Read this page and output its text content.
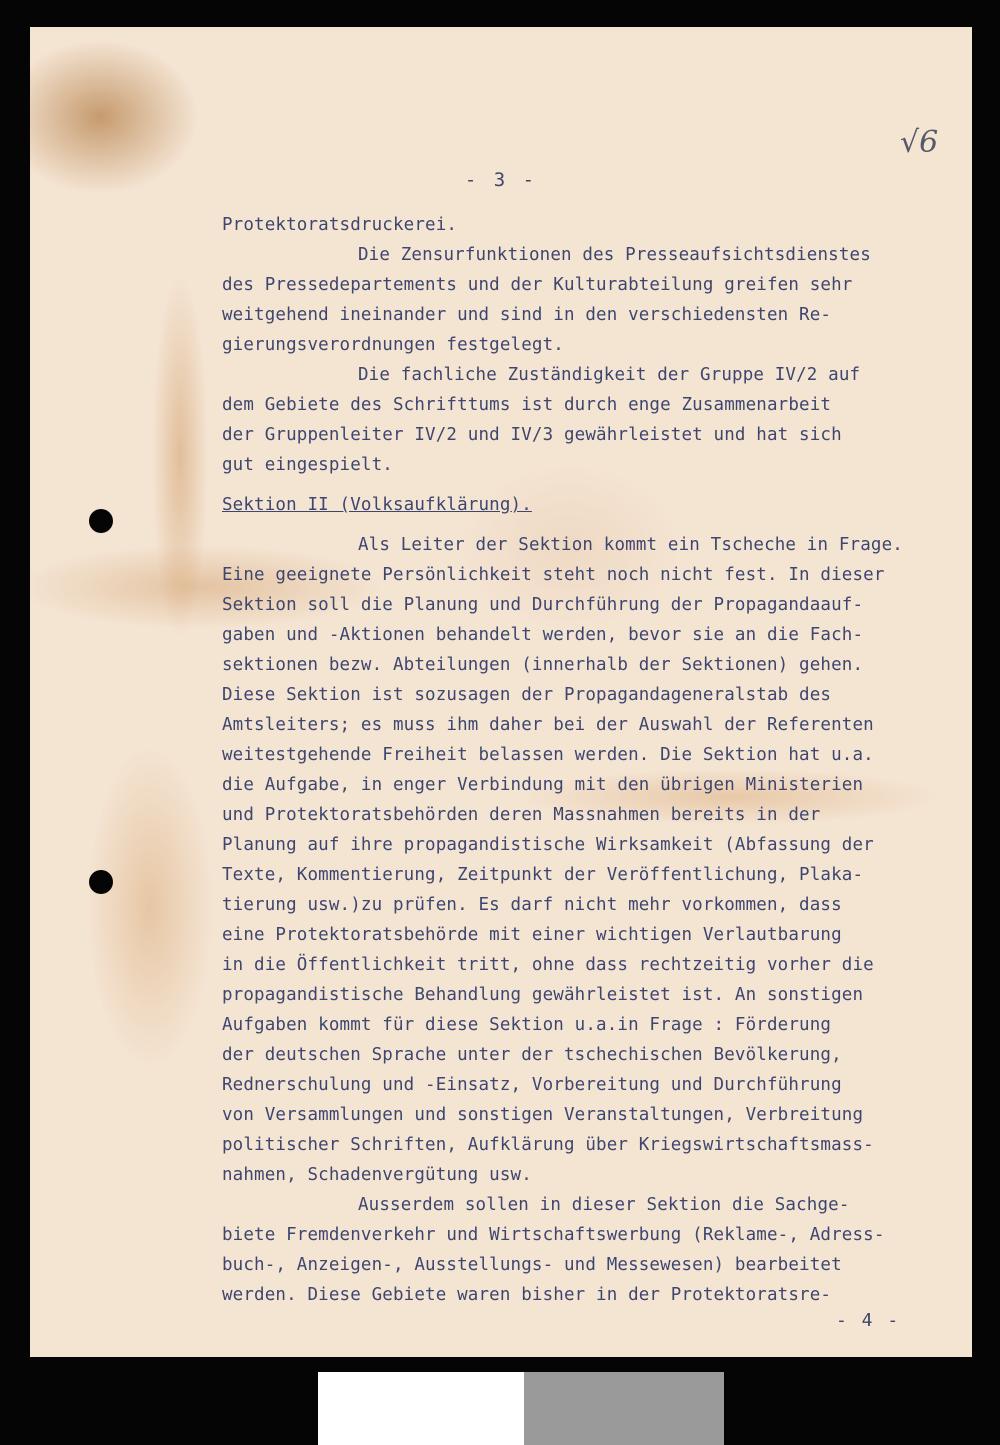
- 3 -
√6
Protektoratsdruckerei.
Die Zensurfunktionen des Presseaufsichtsdienstes
des Pressedepartements und der Kulturabteilung greifen sehr
weitgehend ineinander und sind in den verschiedensten Re-
gierungsverordnungen festgelegt.
Die fachliche Zuständigkeit der Gruppe IV/2 auf
dem Gebiete des Schrifttums ist durch enge Zusammenarbeit
der Gruppenleiter IV/2 und IV/3 gewährleistet und hat sich
gut eingespielt.
Sektion II (Volksaufklärung).
Als Leiter der Sektion kommt ein Tscheche in Frage.
Eine geeignete Persönlichkeit steht noch nicht fest. In dieser
Sektion soll die Planung und Durchführung der Propagandaauf-
gaben und -Aktionen behandelt werden, bevor sie an die Fach-
sektionen bezw. Abteilungen (innerhalb der Sektionen) gehen.
Diese Sektion ist sozusagen der Propagandageneralstab des
Amtsleiters; es muss ihm daher bei der Auswahl der Referenten
weitestgehende Freiheit belassen werden. Die Sektion hat u.a.
die Aufgabe, in enger Verbindung mit den übrigen Ministerien
und Protektoratsbehörden deren Massnahmen bereits in der
Planung auf ihre propagandistische Wirksamkeit (Abfassung der
Texte, Kommentierung, Zeitpunkt der Veröffentlichung, Plaka-
tierung usw.)zu prüfen. Es darf nicht mehr vorkommen, dass
eine Protektoratsbehörde mit einer wichtigen Verlautbarung
in die Öffentlichkeit tritt, ohne dass rechtzeitig vorher die
propagandistische Behandlung gewährleistet ist. An sonstigen
Aufgaben kommt für diese Sektion u.a.in Frage : Förderung
der deutschen Sprache unter der tschechischen Bevölkerung,
Rednerschulung und -Einsatz, Vorbereitung und Durchführung
von Versammlungen und sonstigen Veranstaltungen, Verbreitung
politischer Schriften, Aufklärung über Kriegswirtschaftsmass-
nahmen, Schadenvergütung usw.
Ausserdem sollen in dieser Sektion die Sachge-
biete Fremdenverkehr und Wirtschaftswerbung (Reklame-, Adress-
buch-, Anzeigen-, Ausstellungs- und Messewesen) bearbeitet
werden. Diese Gebiete waren bisher in der Protektoratsre-
- 4 -
